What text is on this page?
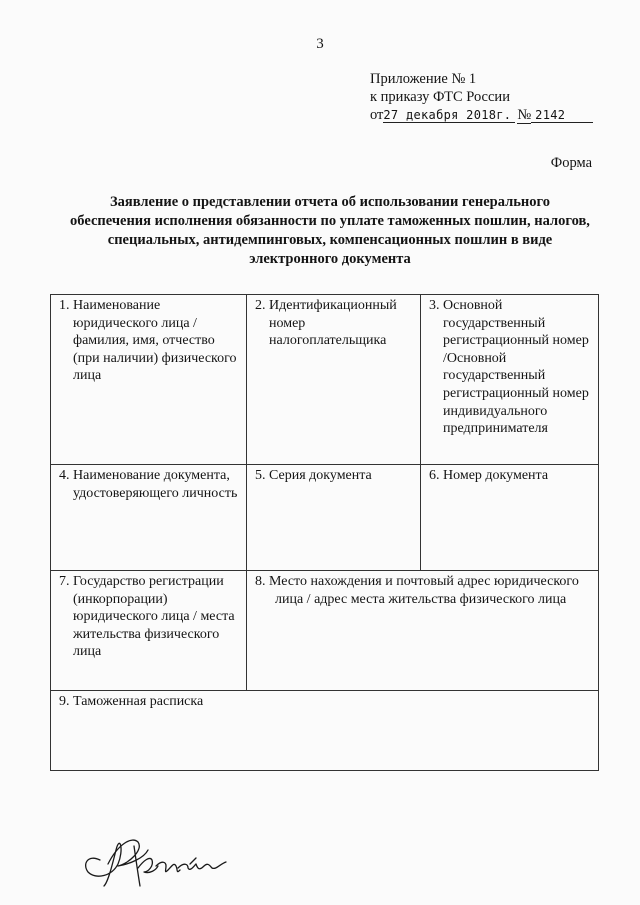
3
Приложение № 1
к приказу ФТС России
от27 декабря 2018г. № 2142
Форма
Заявление о представлении отчета об использовании генерального обеспечения исполнения обязанности по уплате таможенных пошлин, налогов, специальных, антидемпинговых, компенсационных пошлин в виде электронного документа
1. Наименование юридического лица / фамилия, имя, отчество (при наличии) физического лица	2. Идентификационный номер налогоплательщика	3. Основной государственный регистрационный номер /Основной государственный регистрационный номер индивидуального предпринимателя

4. Наименование документа, удостоверяющего личность	5. Серия документа	6. Номер документа

7. Государство регистрации (инкорпорации) юридического лица / места жительства физического лица	8. Место нахождения и почтовый адрес юридического лица / адрес места жительства физического лица	

9. Таможенная расписка		
